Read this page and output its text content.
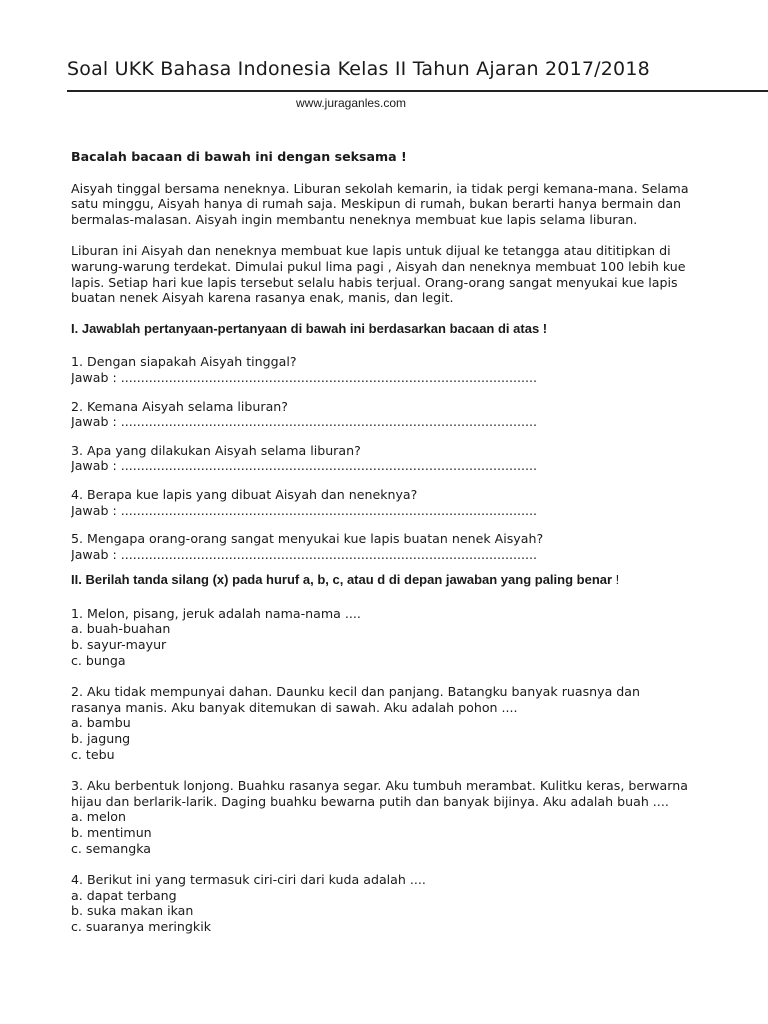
Soal UKK Bahasa Indonesia Kelas II Tahun Ajaran 2017/2018
www.juraganles.com

Bacalah bacaan di bawah ini dengan seksama !

Aisyah tinggal bersama neneknya. Liburan sekolah kemarin, ia tidak pergi kemana-mana. Selama satu minggu, Aisyah hanya di rumah saja. Meskipun di rumah, bukan berarti hanya bermain dan bermalas-malasan. Aisyah ingin membantu neneknya membuat kue lapis selama liburan.

Liburan ini Aisyah dan neneknya membuat kue lapis untuk dijual ke tetangga atau dititipkan di warung-warung terdekat. Dimulai pukul lima pagi , Aisyah dan neneknya membuat 100 lebih kue lapis. Setiap hari kue lapis tersebut selalu habis terjual. Orang-orang sangat menyukai kue lapis buatan nenek Aisyah karena rasanya enak, manis, dan legit.

I. Jawablah pertanyaan-pertanyaan di bawah ini berdasarkan bacaan di atas !

1. Dengan siapakah Aisyah tinggal?

Jawab : ........................................................................................................

2. Kemana Aisyah selama liburan?

Jawab : ........................................................................................................

3. Apa yang dilakukan Aisyah selama liburan?

Jawab : ........................................................................................................

4. Berapa kue lapis yang dibuat Aisyah dan neneknya?

Jawab : ........................................................................................................

5. Mengapa orang-orang sangat menyukai kue lapis buatan nenek Aisyah?

Jawab : ........................................................................................................

II. Berilah tanda silang (x) pada huruf a, b, c, atau d di depan jawaban yang paling benar !

1. Melon, pisang, jeruk adalah nama-nama ....

a. buah-buahan

b. sayur-mayur

c. bunga

2. Aku tidak mempunyai dahan. Daunku kecil dan panjang. Batangku banyak ruasnya dan rasanya manis. Aku banyak ditemukan di sawah. Aku adalah pohon ....

a. bambu

b. jagung

c. tebu

3. Aku berbentuk lonjong. Buahku rasanya segar. Aku tumbuh merambat. Kulitku keras, berwarna hijau dan berlarik-larik. Daging buahku bewarna putih dan banyak bijinya. Aku adalah buah ....

a. melon

b. mentimun

c. semangka

4. Berikut ini yang termasuk ciri-ciri dari kuda adalah ....

a. dapat terbang

b. suka makan ikan

c. suaranya meringkik
